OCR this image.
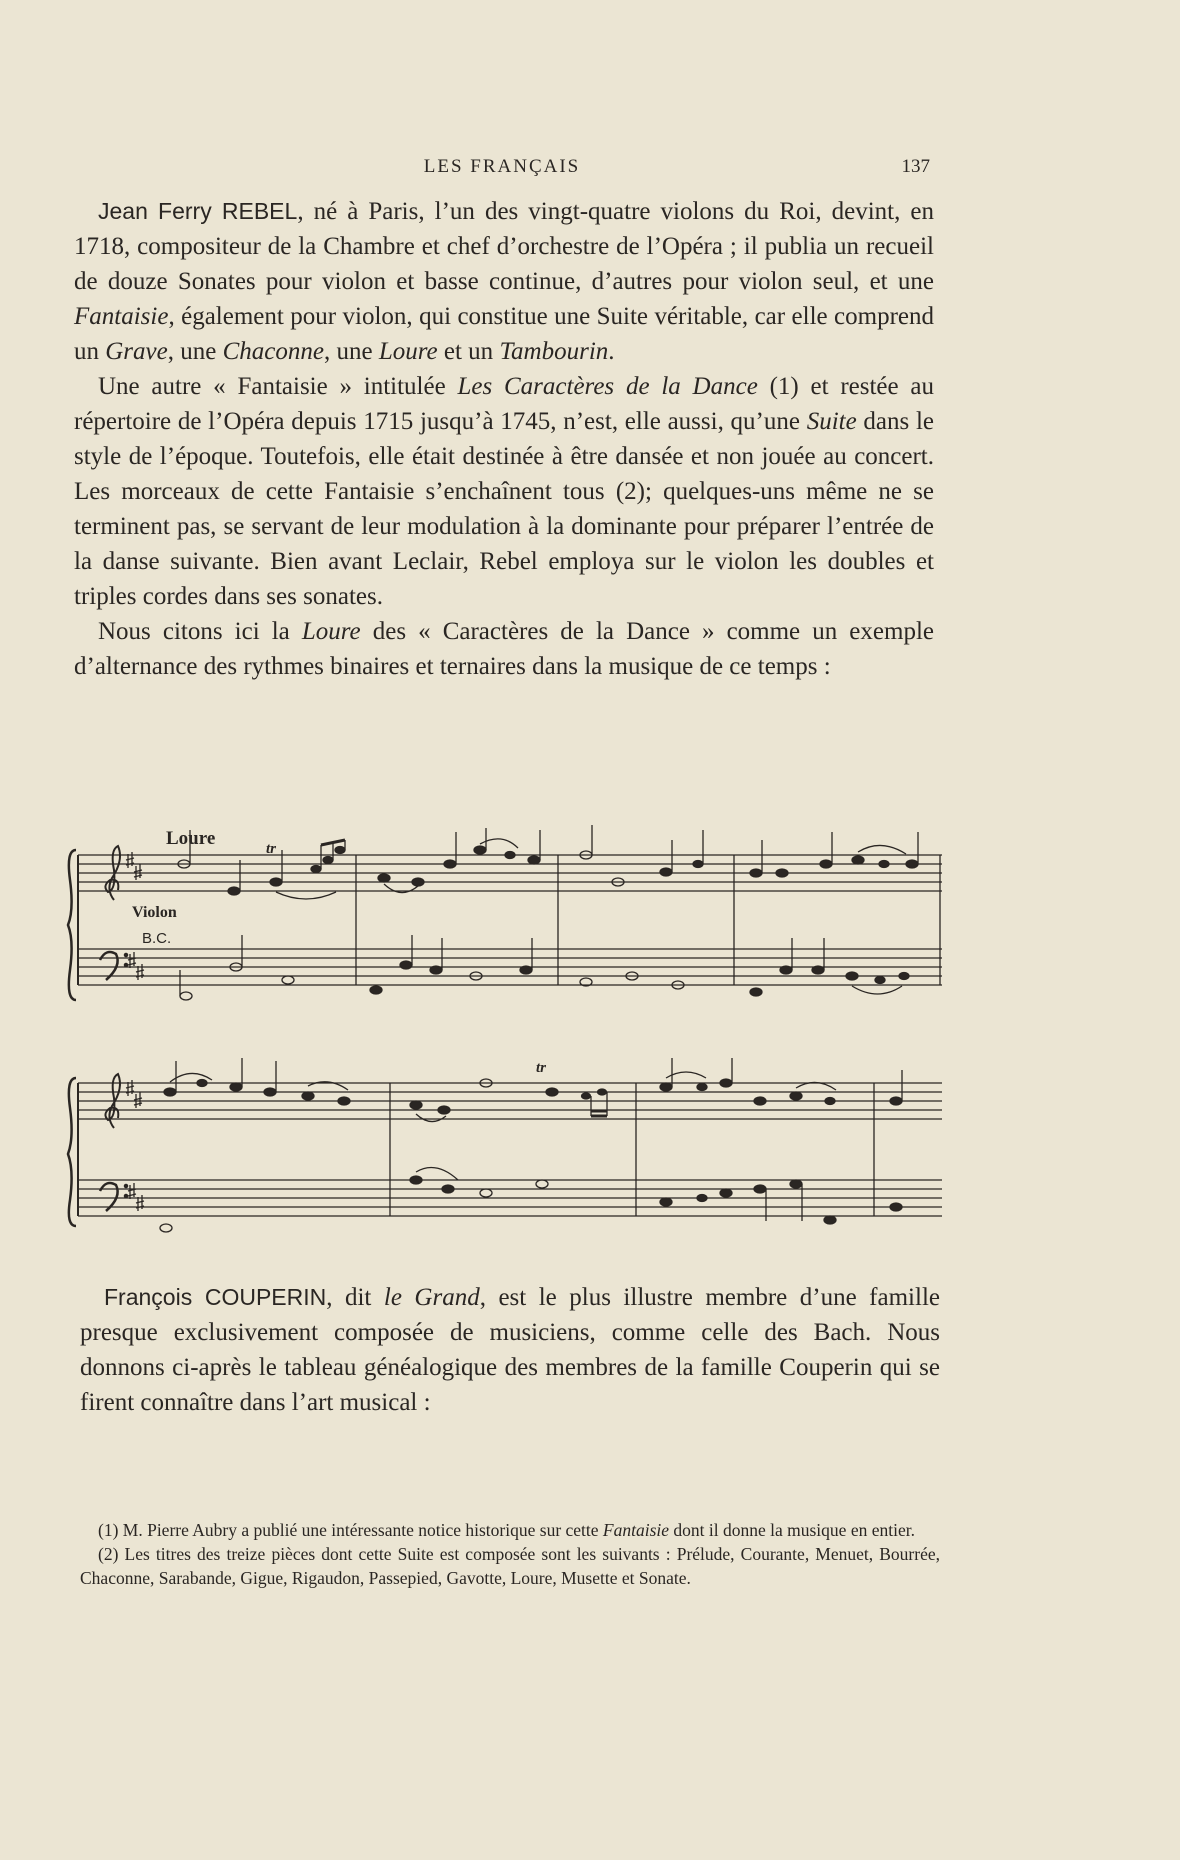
LES FRANÇAIS	137

Jean Ferry REBEL, né à Paris, l’un des vingt-quatre violons du Roi, devint, en 1718, compositeur de la Chambre et chef d’orchestre de l’Opéra ; il publia un recueil de douze Sonates pour violon et basse continue, d’autres pour violon seul, et une Fantaisie, également pour violon, qui constitue une Suite véritable, car elle comprend un Grave, une Chaconne, une Loure et un Tambourin.

Une autre « Fantaisie » intitulée Les Caractères de la Dance (1) et restée au répertoire de l’Opéra depuis 1715 jusqu’à 1745, n’est, elle aussi, qu’une Suite dans le style de l’époque. Toutefois, elle était destinée à être dansée et non jouée au concert. Les morceaux de cette Fantaisie s’enchaînent tous (2); quelques-uns même ne se terminent pas, se servant de leur modulation à la dominante pour préparer l’entrée de la danse suivante. Bien avant Leclair, Rebel employa sur le violon les doubles et triples cordes dans ses sonates.

Nous citons ici la Loure des « Caractères de la Dance » comme un exemple d’alternance des rythmes binaires et ternaires dans la musique de ce temps :

Loure	tr
Violon
B.C.
tr

François COUPERIN, dit le Grand, est le plus illustre membre d’une famille presque exclusivement composée de musiciens, comme celle des Bach. Nous donnons ci-après le tableau généalogique des membres de la famille Couperin qui se firent connaître dans l’art musical :

(1) M. Pierre Aubry a publié une intéressante notice historique sur cette Fantaisie dont il donne la musique en entier.

(2) Les titres des treize pièces dont cette Suite est composée sont les suivants : Prélude, Courante, Menuet, Bourrée, Chaconne, Sarabande, Gigue, Rigaudon, Passepied, Gavotte, Loure, Musette et Sonate.
